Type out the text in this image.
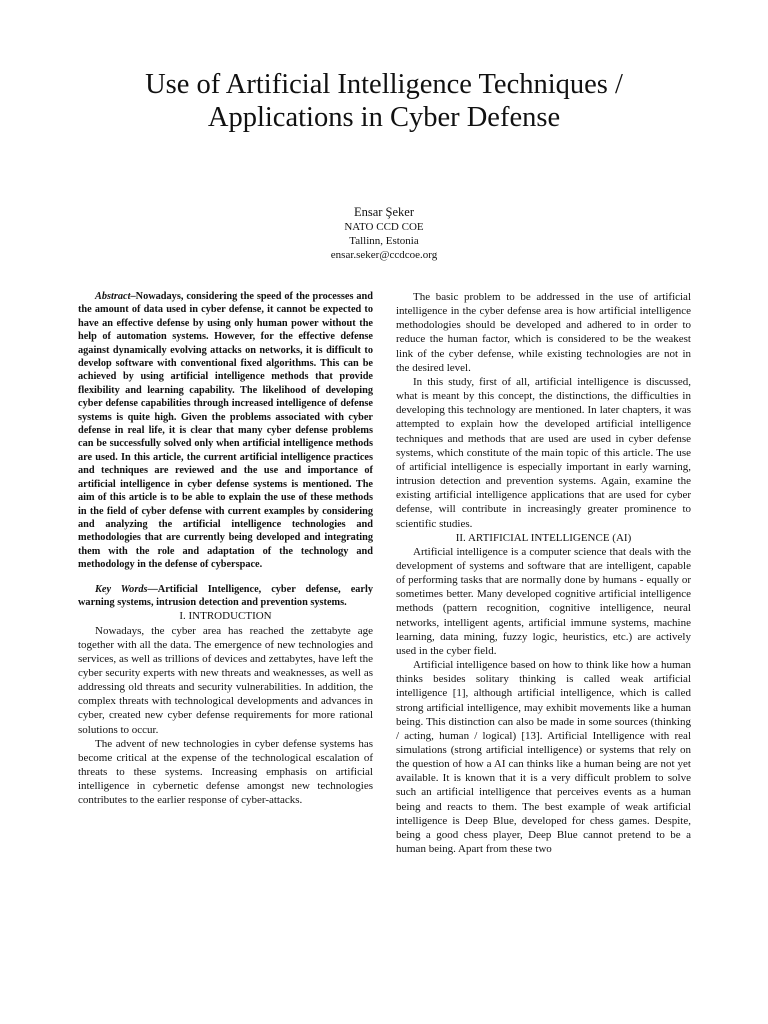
Use of Artificial Intelligence Techniques /
Applications in Cyber Defense
Ensar Şeker
NATO CCD COE
Tallinn, Estonia
ensar.seker@ccdcoe.org

Abstract–Nowadays, considering the speed of the processes and the amount of data used in cyber defense, it cannot be expected to have an effective defense by using only human power without the help of automation systems. However, for the effective defense against dynamically evolving attacks on networks, it is difficult to develop software with conventional fixed algorithms. This can be achieved by using artificial intelligence methods that provide flexibility and learning capability. The likelihood of developing cyber defense capabilities through increased intelligence of defense systems is quite high. Given the problems associated with cyber defense in real life, it is clear that many cyber defense problems can be successfully solved only when artificial intelligence methods are used. In this article, the current artificial intelligence practices and techniques are reviewed and the use and importance of artificial intelligence in cyber defense systems is mentioned. The aim of this article is to be able to explain the use of these methods in the field of cyber defense with current examples by considering and analyzing the artificial intelligence technologies and methodologies that are currently being developed and integrating them with the role and adaptation of the technology and methodology in the defense of cyberspace.

Key Words—Artificial Intelligence, cyber defense, early warning systems, intrusion detection and prevention systems.

I. INTRODUCTION

Nowadays, the cyber area has reached the zettabyte age together with all the data. The emergence of new technologies and services, as well as trillions of devices and zettabytes, have left the cyber security experts with new threats and weaknesses, as well as addressing old threats and security vulnerabilities. In addition, the complex threats with technological developments and advances in cyber, created new cyber defense requirements for more rational solutions to occur.

The advent of new technologies in cyber defense systems has become critical at the expense of the technological escalation of threats to these systems. Increasing emphasis on artificial intelligence in cybernetic defense amongst new technologies contributes to the earlier response of cyber-attacks.

The basic problem to be addressed in the use of artificial intelligence in the cyber defense area is how artificial intelligence methodologies should be developed and adhered to in order to reduce the human factor, which is considered to be the weakest link of the cyber defense, while existing technologies are not in the desired level.

In this study, first of all, artificial intelligence is discussed, what is meant by this concept, the distinctions, the difficulties in developing this technology are mentioned. In later chapters, it was attempted to explain how the developed artificial intelligence techniques and methods that are used are used in cyber defense systems, which constitute of the main topic of this article. The use of artificial intelligence is especially important in early warning, intrusion detection and prevention systems. Again, examine the existing artificial intelligence applications that are used for cyber defense, will contribute in increasingly greater prominence to scientific studies.

II. ARTIFICIAL INTELLIGENCE (AI)

Artificial intelligence is a computer science that deals with the development of systems and software that are intelligent, capable of performing tasks that are normally done by humans - equally or sometimes better. Many developed cognitive artificial intelligence methods (pattern recognition, cognitive intelligence, neural networks, intelligent agents, artificial immune systems, machine learning, data mining, fuzzy logic, heuristics, etc.) are actively used in the cyber field.

Artificial intelligence based on how to think like how a human thinks besides solitary thinking is called weak artificial intelligence [1], although artificial intelligence, which is called strong artificial intelligence, may exhibit movements like a human being. This distinction can also be made in some sources (thinking / acting, human / logical) [13]. Artificial Intelligence with real simulations (strong artificial intelligence) or systems that rely on the question of how a AI can thinks like a human being are not yet available. It is known that it is a very difficult problem to solve such an artificial intelligence that perceives events as a human being and reacts to them. The best example of weak artificial intelligence is Deep Blue, developed for chess games. Despite, being a good chess player, Deep Blue cannot pretend to be a human being. Apart from these two
